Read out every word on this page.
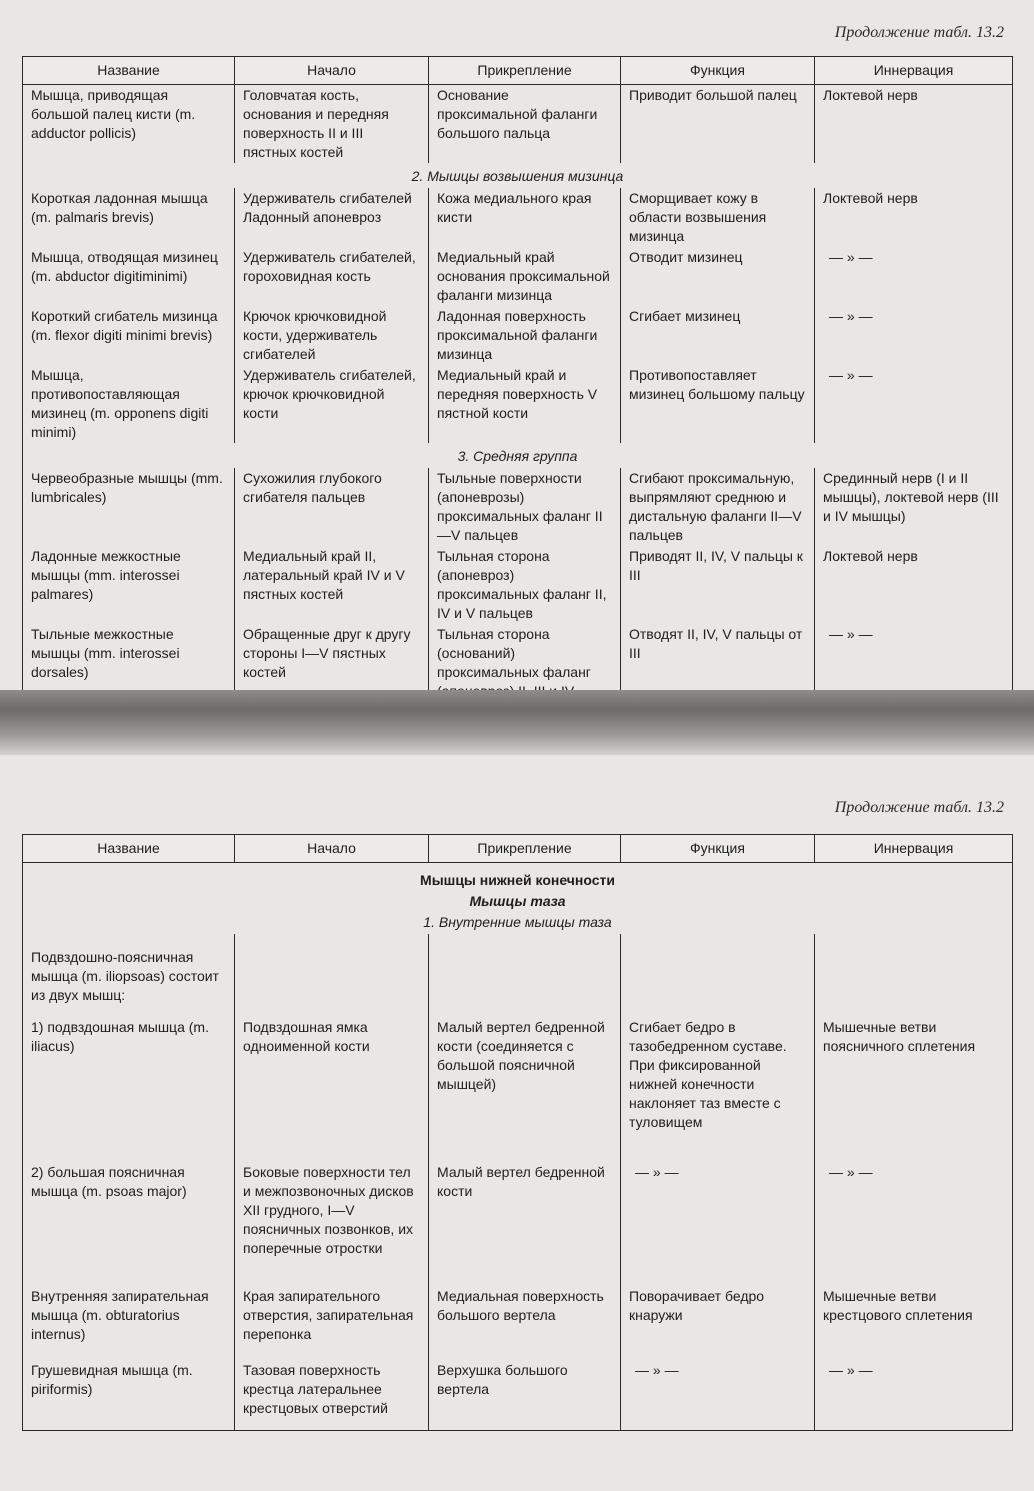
Продолжение табл. 13.2
Название	Начало	Прикрепление	Функция	Иннервация
Мышца, приводящая большой палец кисти (m. adductor pollicis)	Головчатая кость, основания и передняя поверхность II и III пястных костей	Основание проксимальной фаланги большого пальца	Приводит большой палец	Локтевой нерв
2. Мышцы возвышения мизинца				
Короткая ладонная мышца (m. palmaris brevis)	Удерживатель сгибателей Ладонный апоневроз	Кожа медиального края кисти	Сморщивает кожу в области возвышения мизинца	Локтевой нерв
Мышца, отводящая мизинец (m. abductor digitiminimi)	Удерживатель сгибателей, гороховидная кость	Медиальный край основания проксимальной фаланги мизинца	Отводит мизинец	— » —
Короткий сгибатель мизинца (m. flexor digiti minimi brevis)	Крючок крючковидной кости, удерживатель сгибателей	Ладонная поверхность проксимальной фаланги мизинца	Сгибает мизинец	— » —
Мышца, противопоставляющая мизинец (m. opponens digiti minimi)	Удерживатель сгибателей, крючок крючковидной кости	Медиальный край и передняя поверхность V пястной кости	Противопоставляет мизинец большому пальцу	— » —
3. Средняя группа				
Червеобразные мышцы (mm. lumbricales)	Сухожилия глубокого сгибателя пальцев	Тыльные поверхности (апоневрозы) проксимальных фаланг II—V пальцев	Сгибают проксимальную, выпрямляют среднюю и дистальную фаланги II—V пальцев	Срединный нерв (I и II мышцы), локтевой нерв (III и IV мышцы)
Ладонные межкостные мышцы (mm. interossei palmares)	Медиальный край II, латеральный край IV и V пястных костей	Тыльная сторона (апоневроз) проксимальных фаланг II, IV и V пальцев	Приводят II, IV, V пальцы к III	Локтевой нерв
Тыльные межкостные мышцы (mm. interossei dorsales)	Обращенные друг к другу стороны I—V пястных костей	Тыльная сторона (оснований) проксимальных фаланг	Отводят II, IV, V пальцы от III	— » —
Продолжение табл. 13.2
Название	Начало	Прикрепление	Функция	Иннервация
Мышцы нижней конечности				
Мышцы таза				
1. Внутренние мышцы таза				
Подвздошно-поясничная мышца (m. iliopsoas) состоит из двух мышц:				
1) подвздошная мышца (m. iliacus)	Подвздошная ямка одноименной кости	Малый вертел бедренной кости (соединяется с большой поясничной мышцей)	Сгибает бедро в тазобедренном суставе. При фиксированной нижней конечности наклоняет таз вместе с туловищем	Мышечные ветви поясничного сплетения
2) большая поясничная мышца (m. psoas major)	Боковые поверхности тел и межпозвоночных дисков XII грудного, I—V поясничных позвонков, их поперечные отростки	Малый вертел бедренной кости	— » —	— » —
Внутренняя запирательная мышца (m. obturatorius internus)	Края запирательного отверстия, запирательная перепонка	Медиальная поверхность большого вертела	Поворачивает бедро кнаружи	Мышечные ветви крестцового сплетения
Грушевидная мышца (m. piriformis)	Тазовая поверхность крестца латеральнее крестцовых отверстий	Верхушка большого вертела	— » —	— » —
